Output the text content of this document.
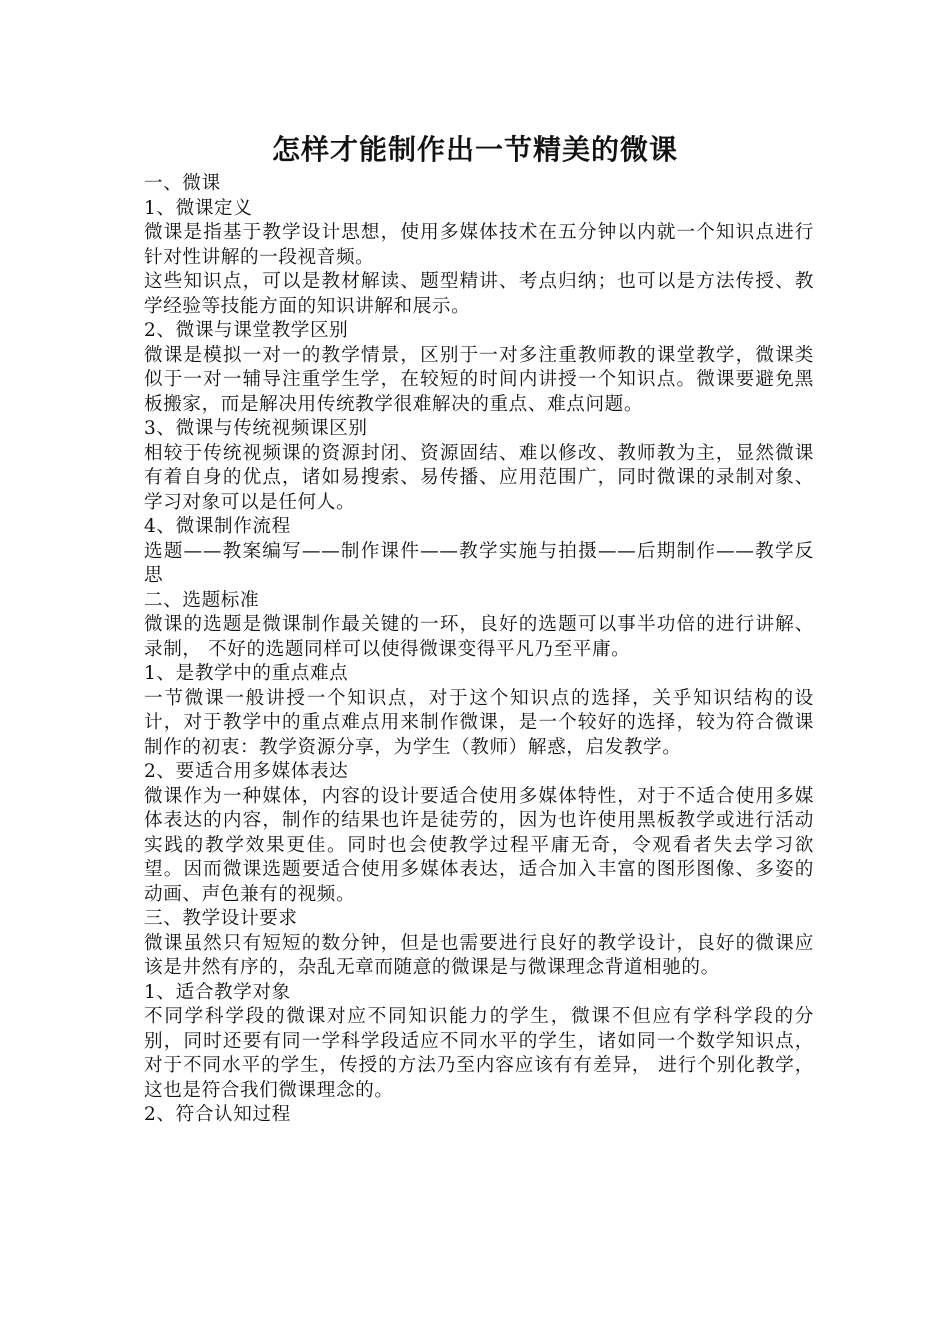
怎样才能制作出一节精美的微课

一、微课

1、微课定义

微课是指基于教学设计思想，使用多媒体技术在五分钟以内就一个知识点进行针对性讲解的一段视音频。

这些知识点，可以是教材解读、题型精讲、考点归纳；也可以是方法传授、教学经验等技能方面的知识讲解和展示。

2、微课与课堂教学区别

微课是模拟一对一的教学情景，区别于一对多注重教师教的课堂教学，微课类似于一对一辅导注重学生学，在较短的时间内讲授一个知识点。微课要避免黑板搬家，而是解决用传统教学很难解决的重点、难点问题。

3、微课与传统视频课区别

相较于传统视频课的资源封闭、资源固结、难以修改、教师教为主，显然微课有着自身的优点，诸如易搜索、易传播、应用范围广，同时微课的录制对象、学习对象可以是任何人。

4、微课制作流程

选题——教案编写——制作课件——教学实施与拍摄——后期制作——教学反思

二、选题标准

微课的选题是微课制作最关键的一环，良好的选题可以事半功倍的进行讲解、录制， 不好的选题同样可以使得微课变得平凡乃至平庸。

1、是教学中的重点难点

一节微课一般讲授一个知识点，对于这个知识点的选择，关乎知识结构的设计，对于教学中的重点难点用来制作微课，是一个较好的选择，较为符合微课制作的初衷：教学资源分享，为学生（教师）解惑，启发教学。

2、要适合用多媒体表达

微课作为一种媒体，内容的设计要适合使用多媒体特性，对于不适合使用多媒体表达的内容，制作的结果也许是徒劳的，因为也许使用黑板教学或进行活动实践的教学效果更佳。同时也会使教学过程平庸无奇，令观看者失去学习欲望。因而微课选题要适合使用多媒体表达，适合加入丰富的图形图像、多姿的动画、声色兼有的视频。

三、教学设计要求

微课虽然只有短短的数分钟，但是也需要进行良好的教学设计，良好的微课应该是井然有序的，杂乱无章而随意的微课是与微课理念背道相驰的。

1、适合教学对象

不同学科学段的微课对应不同知识能力的学生，微课不但应有学科学段的分别，同时还要有同一学科学段适应不同水平的学生，诸如同一个数学知识点，对于不同水平的学生，传授的方法乃至内容应该有有差异， 进行个别化教学，这也是符合我们微课理念的。

2、符合认知过程
